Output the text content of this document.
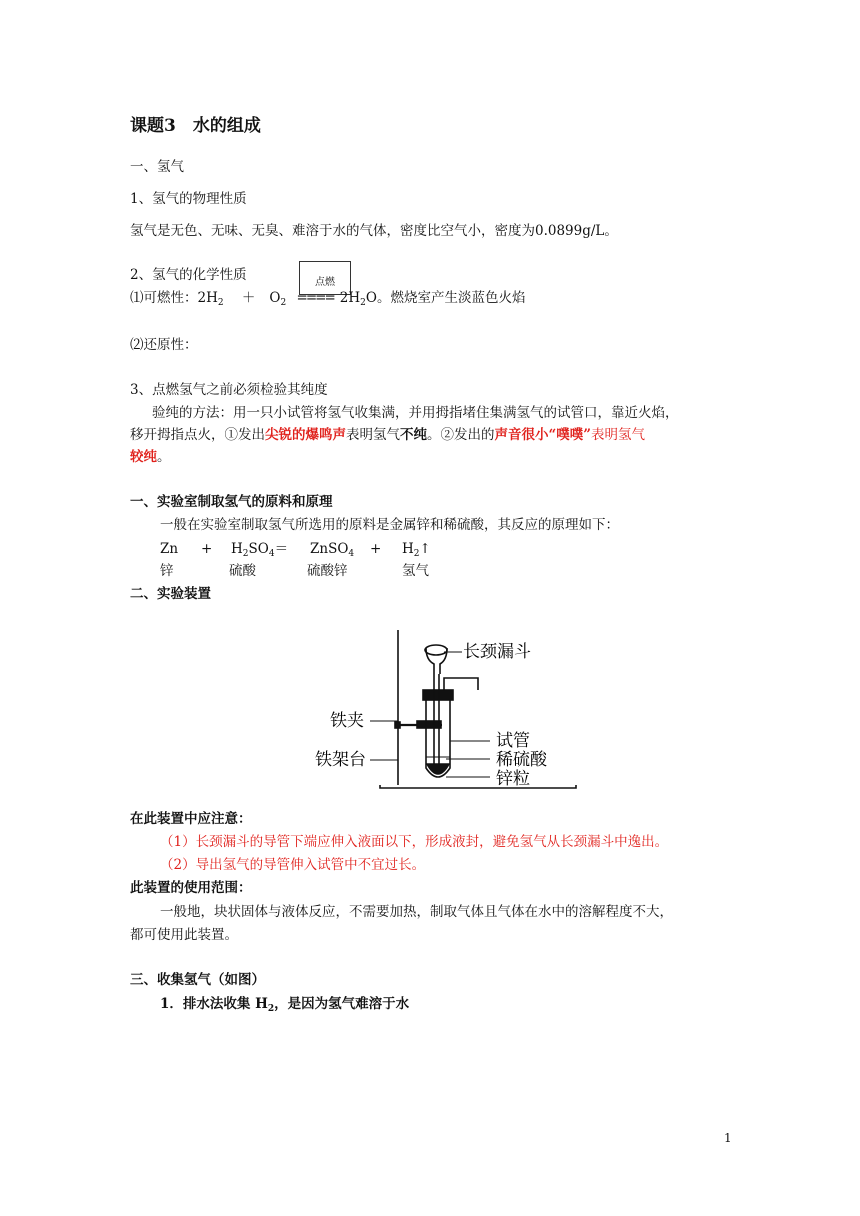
课题3　水的组成
一、氢气
1、氢气的物理性质
氢气是无色、无味、无臭、难溶于水的气体，密度比空气小，密度为0.0899g/L。
2、氢气的化学性质	点燃
⑴可燃性：$2H_2 + O_2$ ==== $2H_2O$。燃烧室产生淡蓝色火焰
⑵还原性：
3、点燃氢气之前必须检验其纯度
验纯的方法：用一只小试管将氢气收集满，并用拇指堵住集满氢气的试管口，靠近火焰，
移开拇指点火，①发出尖锐的爆鸣声表明氢气不纯。②发出的声音很小“噗噗”表明氢气
较纯。
一、实验室制取氢气的原料和原理
一般在实验室制取氢气所选用的原料是金属锌和稀硫酸，其反应的原理如下：
$Zn + H_2SO_4=$ ZnSO$_4$ + $H_2↑$
锌	硫酸	硫酸锌	氢气
二、实验装置
长颈漏斗
铁夹
铁架台
试管
稀硫酸
锌粒
在此装置中应注意：
（1）长颈漏斗的导管下端应伸入液面以下，形成液封，避免氢气从长颈漏斗中逸出。
（2）导出氢气的导管伸入试管中不宜过长。
此装置的使用范围：
一般地，块状固体与液体反应，不需要加热，制取气体且气体在水中的溶解程度不大，
都可使用此装置。
三、收集氢气（如图）
1．排水法收集 $H_2$，是因为氢气难溶于水
1
